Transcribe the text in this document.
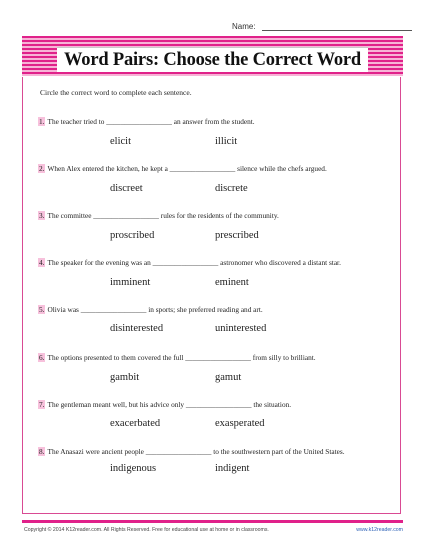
Name:
Word Pairs: Choose the Correct Word
Circle the correct word to complete each sentence.
1. The teacher tried to __________________ an answer from the student.
elicit	illicit
2. When Alex entered the kitchen, he kept a __________________ silence while the chefs argued.
discreet	discrete
3. The committee __________________ rules for the residents of the community.
proscribed	prescribed
4. The speaker for the evening was an __________________ astronomer who discovered a distant star.
imminent	eminent
5. Olivia was __________________ in sports; she preferred reading and art.
disinterested	uninterested
6. The options presented to them covered the full __________________ from silly to brilliant.
gambit	gamut
7. The gentleman meant well, but his advice only __________________ the situation.
exacerbated	exasperated
8. The Anasazi were ancient people __________________ to the southwestern part of the United States.
indigenous	indigent
Copyright © 2014 K12reader.com. All Rights Reserved. Free for educational use at home or in classrooms.	www.k12reader.com
